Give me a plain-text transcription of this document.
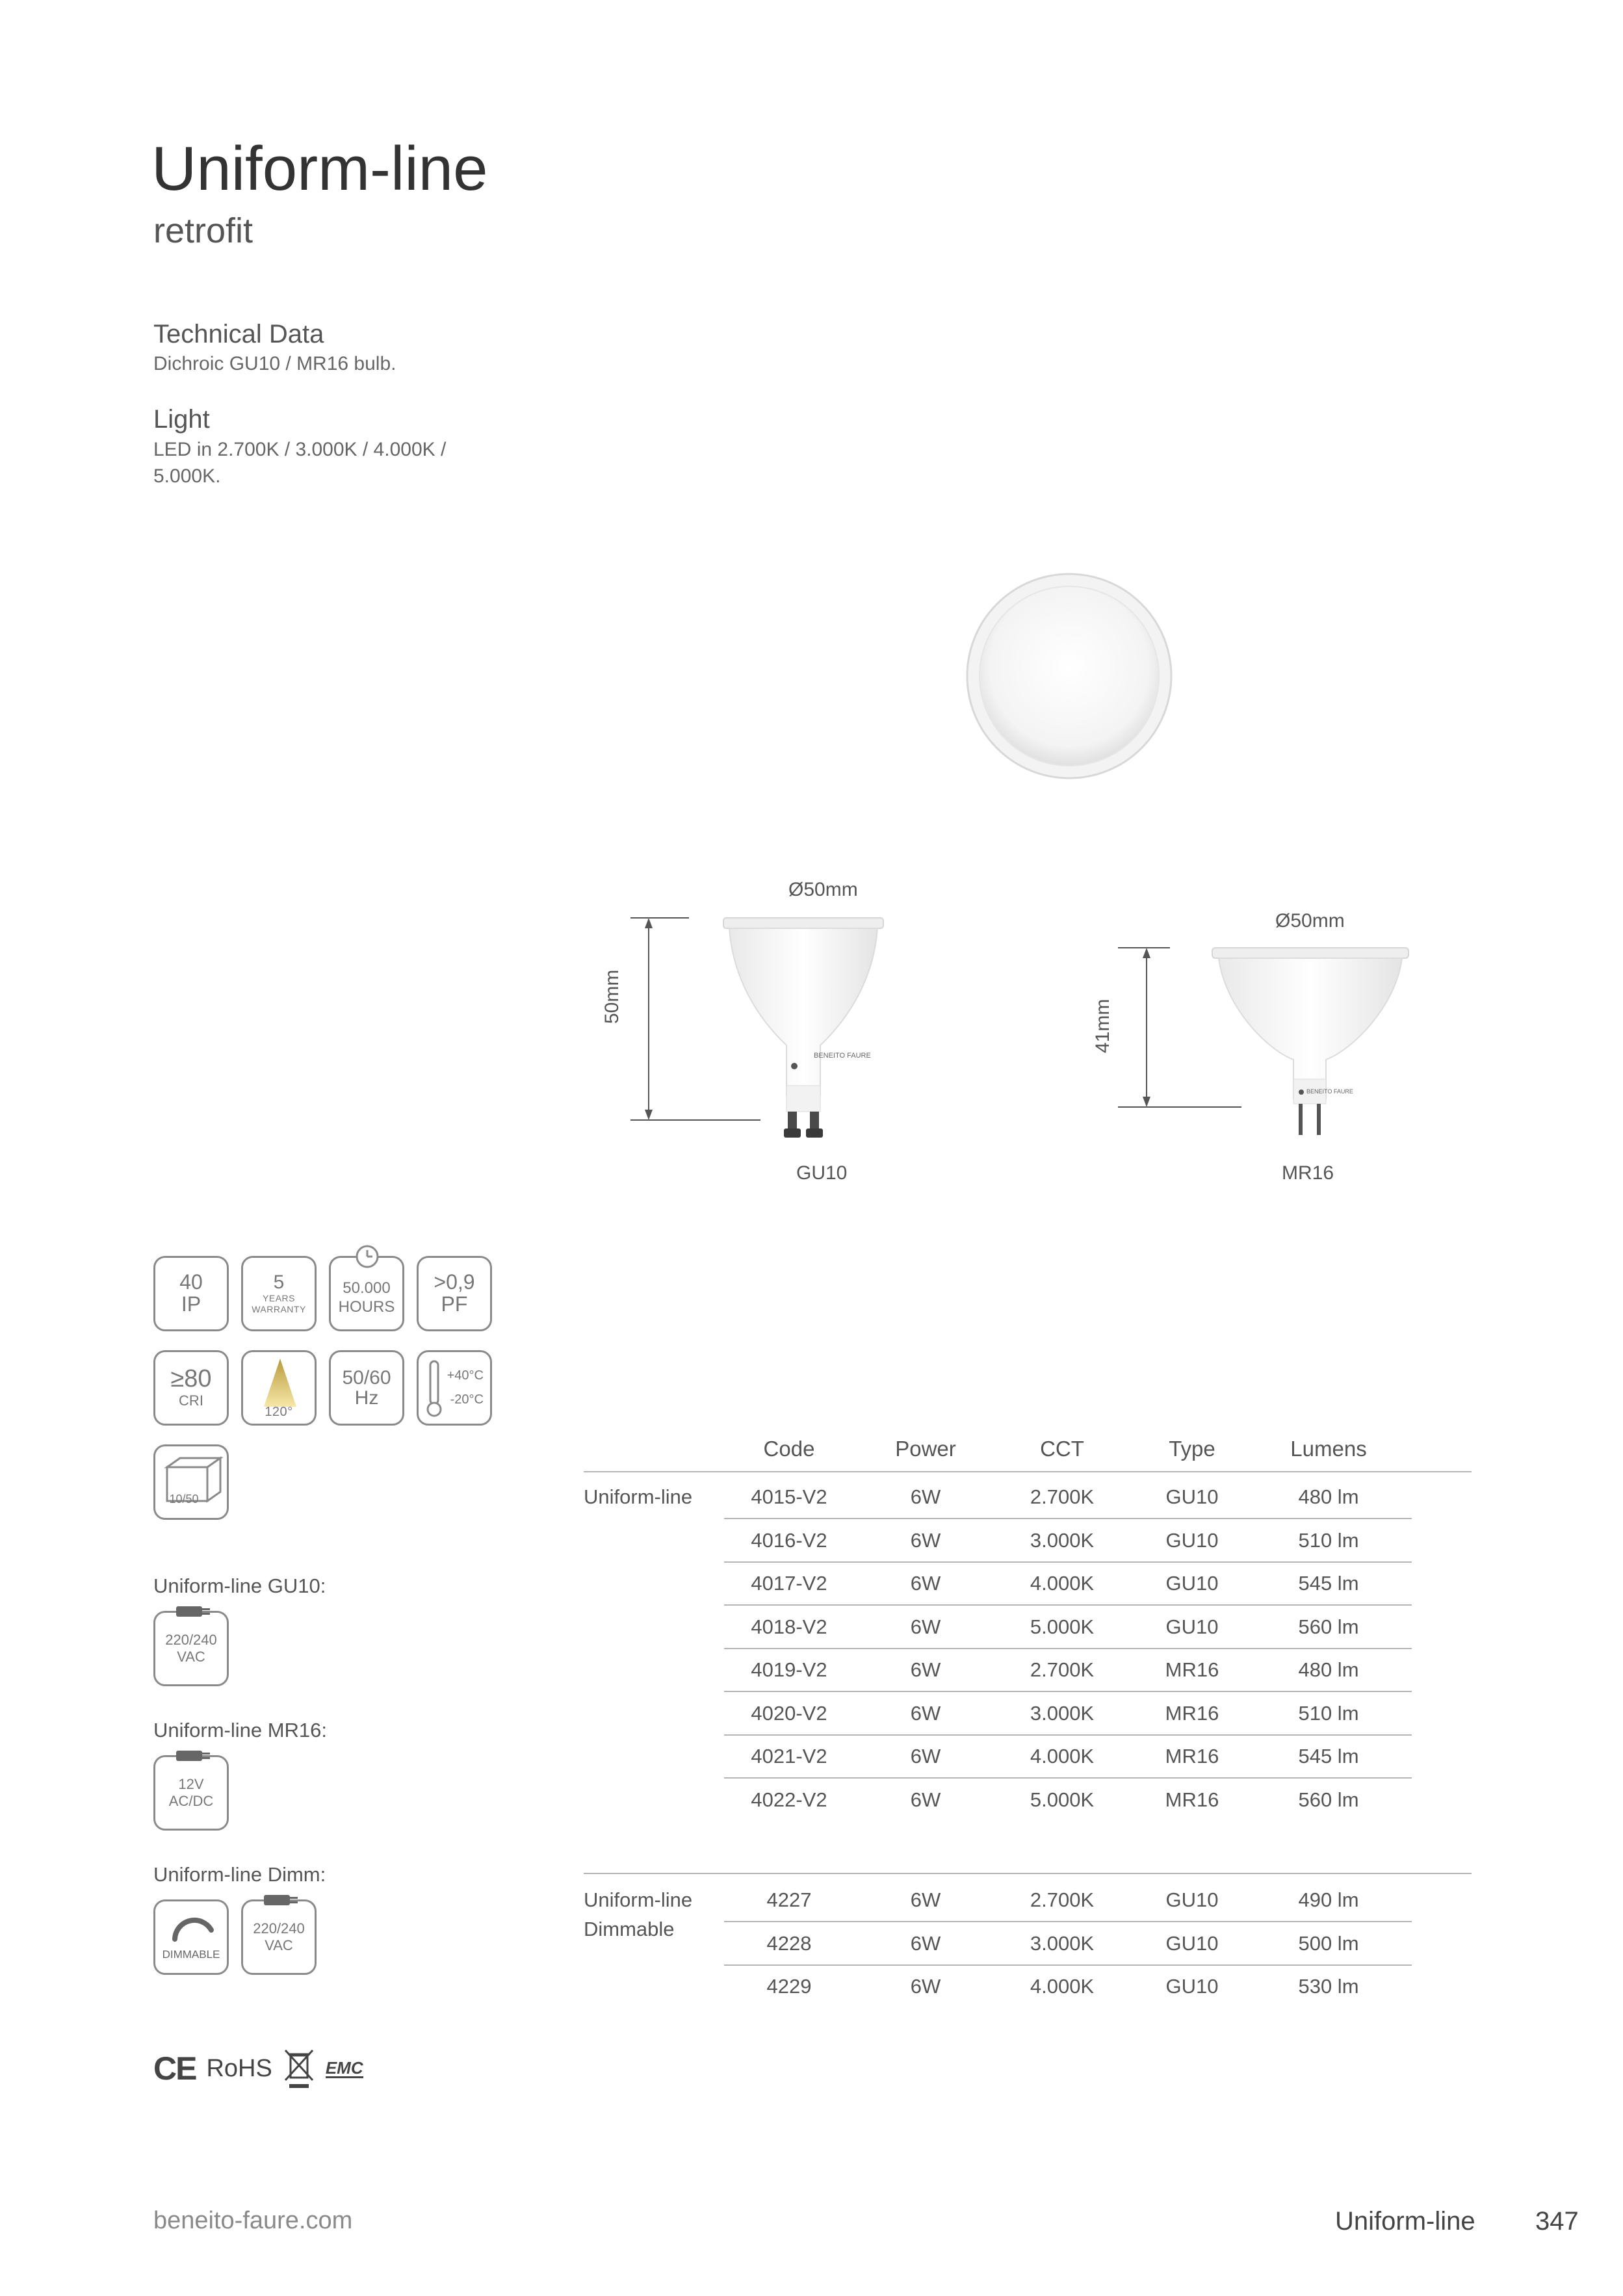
Uniform-line
retrofit
Technical Data
Dichroic GU10 / MR16 bulb.
Light
LED in 2.700K / 3.000K / 4.000K /
5.000K.
BENEITO FAURE
Ø50mm
50mm
GU10
BENEITO FAURE
Ø50mm
41mm
MR16
40
IP
5
YEARS
WARRANTY
50.000
HOURS
>0,9
PF
≥80
CRI
120°
50/60
Hz
+40°C
-20°C
10/50
Uniform-line GU10:
220/240
VAC
Uniform-line MR16:
12V
AC/DC
Uniform-line Dimm:
DIMMABLE
220/240
VAC
CE RoHS	EMC
Code	Power	CCT	Type	Lumens
Uniform-line	4015-V2	6W	2.700K	GU10	480 lm
4016-V2	6W	3.000K	GU10	510 lm
4017-V2	6W	4.000K	GU10	545 lm
4018-V2	6W	5.000K	GU10	560 lm
4019-V2	6W	2.700K	MR16	480 lm
4020-V2	6W	3.000K	MR16	510 lm
4021-V2	6W	4.000K	MR16	545 lm
4022-V2	6W	5.000K	MR16	560 lm
Uniform-line
Dimmable
4227	6W	2.700K	GU10	490 lm
4228	6W	3.000K	GU10	500 lm
4229	6W	4.000K	GU10	530 lm
beneito-faure.com	Uniform-line 347
